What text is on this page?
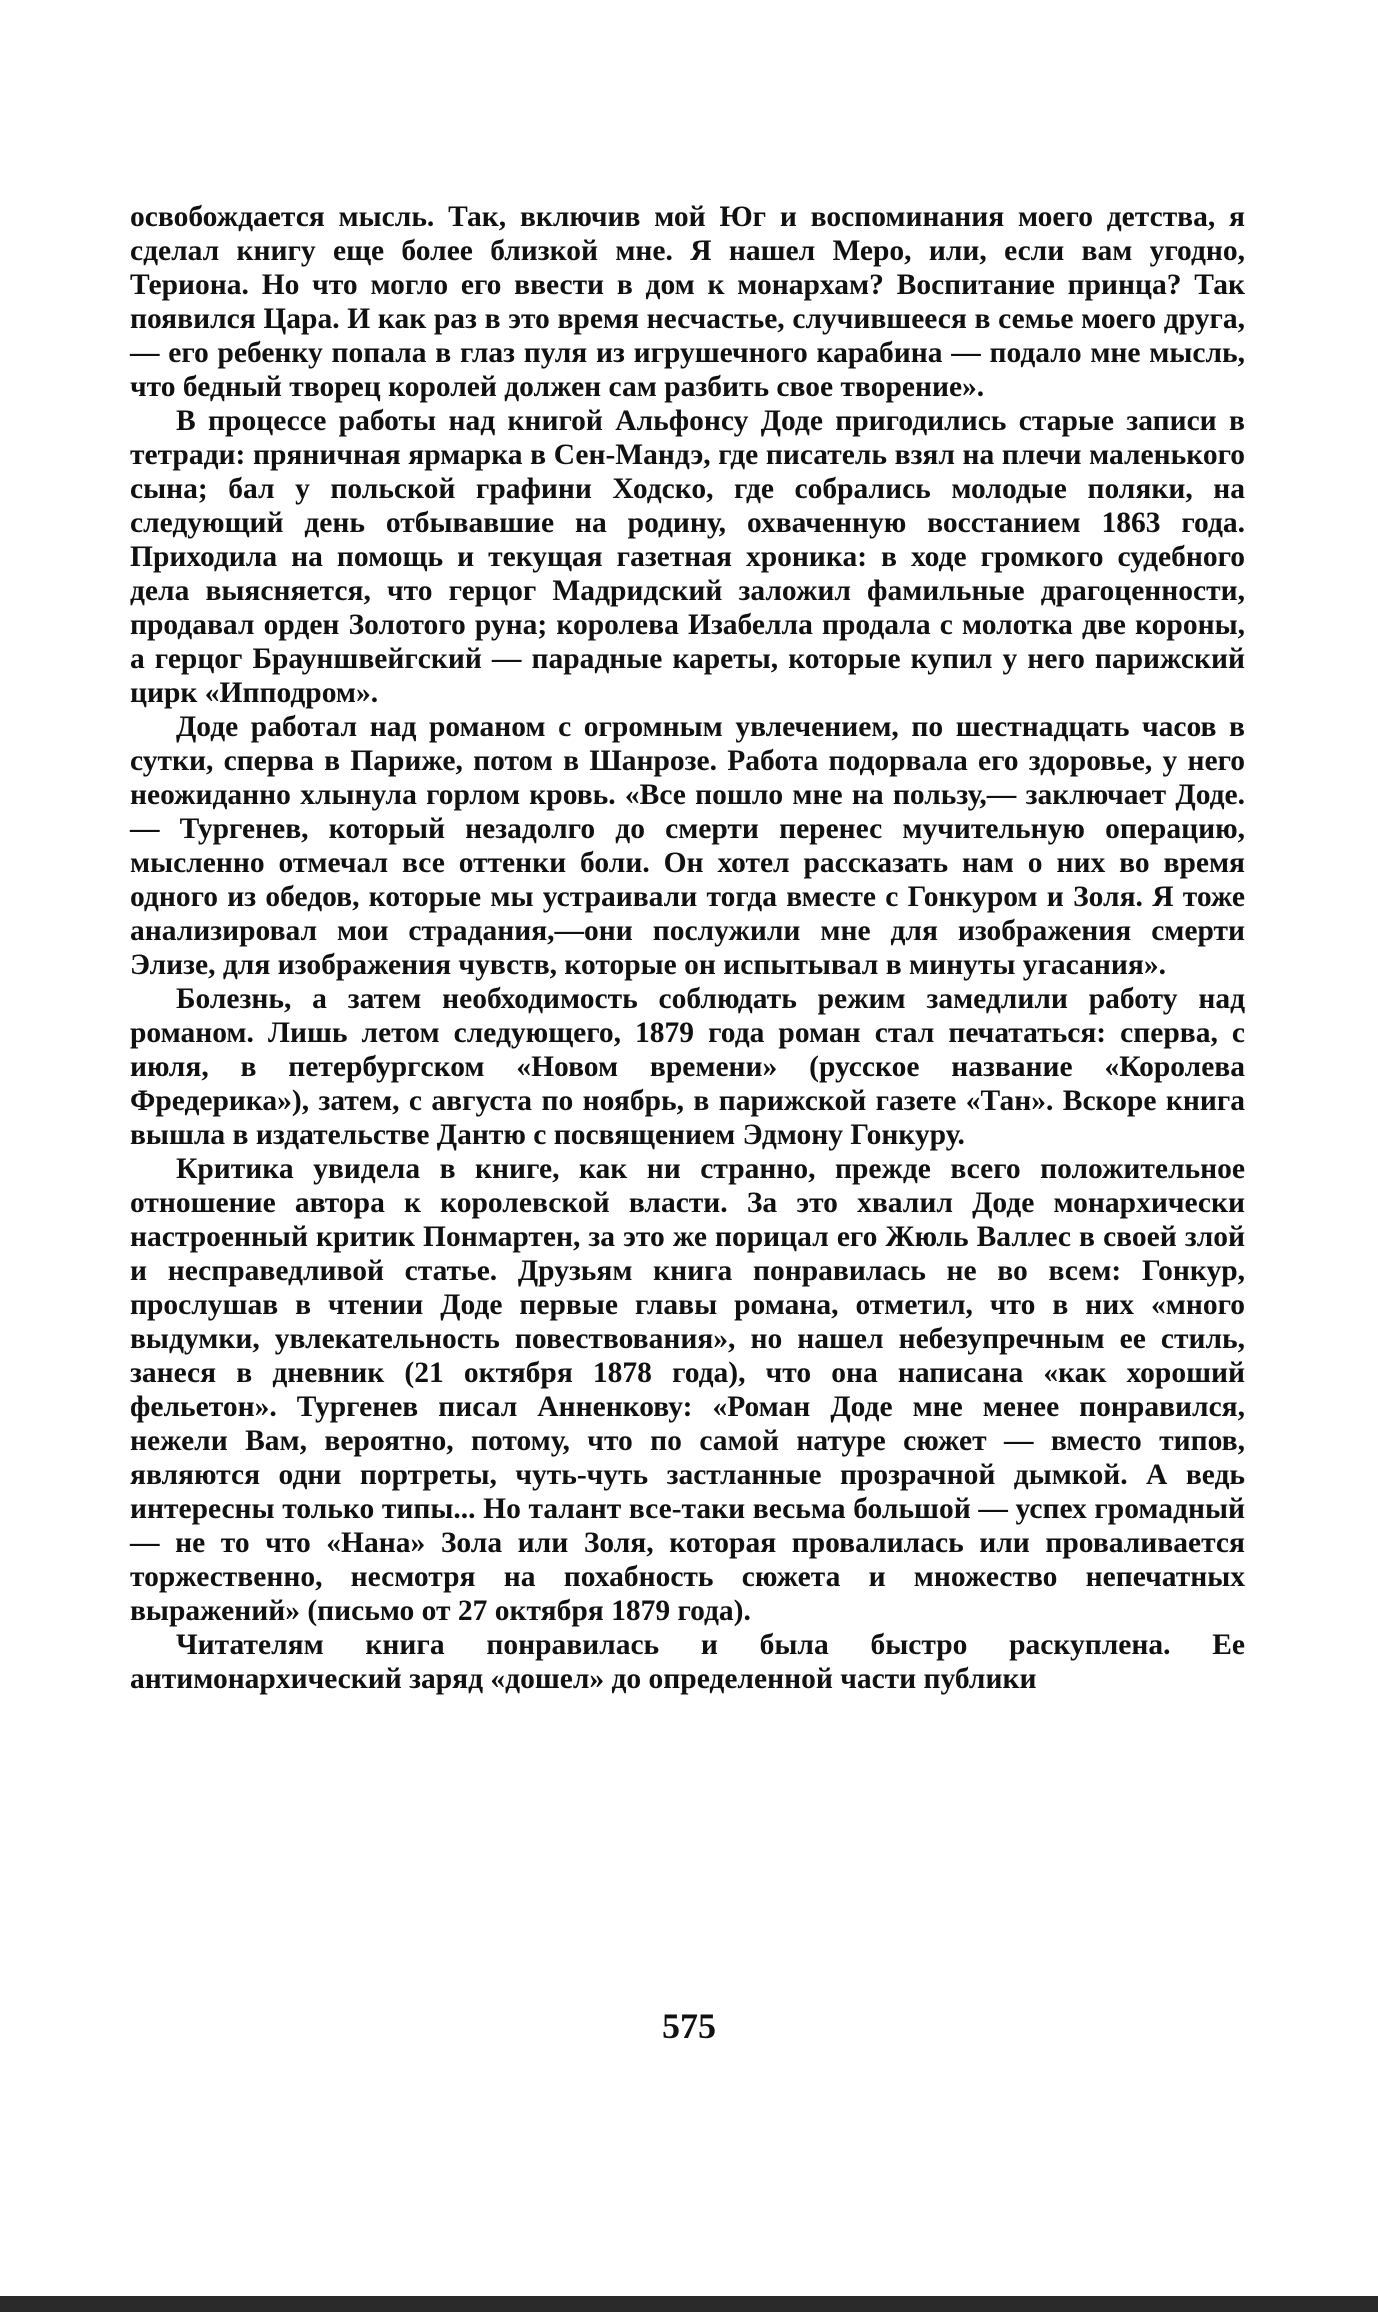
освобождается мысль. Так, включив мой Юг и воспоминания моего детства, я сделал книгу еще более близкой мне. Я нашел Меро, или, если вам угодно, Териона. Но что могло его ввести в дом к монархам? Воспитание принца? Так появился Цара. И как раз в это время несчастье, случившееся в семье моего друга,— его ребенку попала в глаз пуля из игрушечного карабина — подало мне мысль, что бедный творец королей должен сам разбить свое творение».

В процессе работы над книгой Альфонсу Доде пригодились старые записи в тетради: пряничная ярмарка в Сен-Мандэ, где писатель взял на плечи маленького сына; бал у польской графини Ходско, где собрались молодые поляки, на следующий день отбывавшие на родину, охваченную восстанием 1863 года. Приходила на помощь и текущая газетная хроника: в ходе громкого судебного дела выясняется, что герцог Мадридский заложил фамильные драгоценности, продавал орден Золотого руна; королева Изабелла продала с молотка две короны, а герцог Брауншвейгский — парадные кареты, которые купил у него парижский цирк «Ипподром».

Доде работал над романом с огромным увлечением, по шестнадцать часов в сутки, сперва в Париже, потом в Шанрозе. Работа подорвала его здоровье, у него неожиданно хлынула горлом кровь. «Все пошло мне на пользу,— заключает Доде.— Тургенев, который незадолго до смерти перенес мучительную операцию, мысленно отмечал все оттенки боли. Он хотел рассказать нам о них во время одного из обедов, которые мы устраивали тогда вместе с Гонкуром и Золя. Я тоже анализировал мои страдания,—они послужили мне для изображения смерти Элизе, для изображения чувств, которые он испытывал в минуты угасания».

Болезнь, а затем необходимость соблюдать режим замедлили работу над романом. Лишь летом следующего, 1879 года роман стал печататься: сперва, с июля, в петербургском «Новом времени» (русское название «Королева Фредерика»), затем, с августа по ноябрь, в парижской газете «Тан». Вскоре книга вышла в издательстве Дантю с посвящением Эдмону Гонкуру.

Критика увидела в книге, как ни странно, прежде всего положительное отношение автора к королевской власти. За это хвалил Доде монархически настроенный критик Понмартен, за это же порицал его Жюль Валлес в своей злой и несправедливой статье. Друзьям книга понравилась не во всем: Гонкур, прослушав в чтении Доде первые главы романа, отметил, что в них «много выдумки, увлекательность повествования», но нашел небезупречным ее стиль, занеся в дневник (21 октября 1878 года), что она написана «как хороший фельетон». Тургенев писал Анненкову: «Роман Доде мне менее понравился, нежели Вам, вероятно, потому, что по самой натуре сюжет — вместо типов, являются одни портреты, чуть-чуть застланные прозрачной дымкой. А ведь интересны только типы... Но талант все-таки весьма большой — успех громадный — не то что «Нана» Зола или Золя, которая провалилась или проваливается торжественно, несмотря на похабность сюжета и множество непечатных выражений» (письмо от 27 октября 1879 года).

Читателям книга понравилась и была быстро раскуплена. Ее антимонархический заряд «дошел» до определенной части публики

575
